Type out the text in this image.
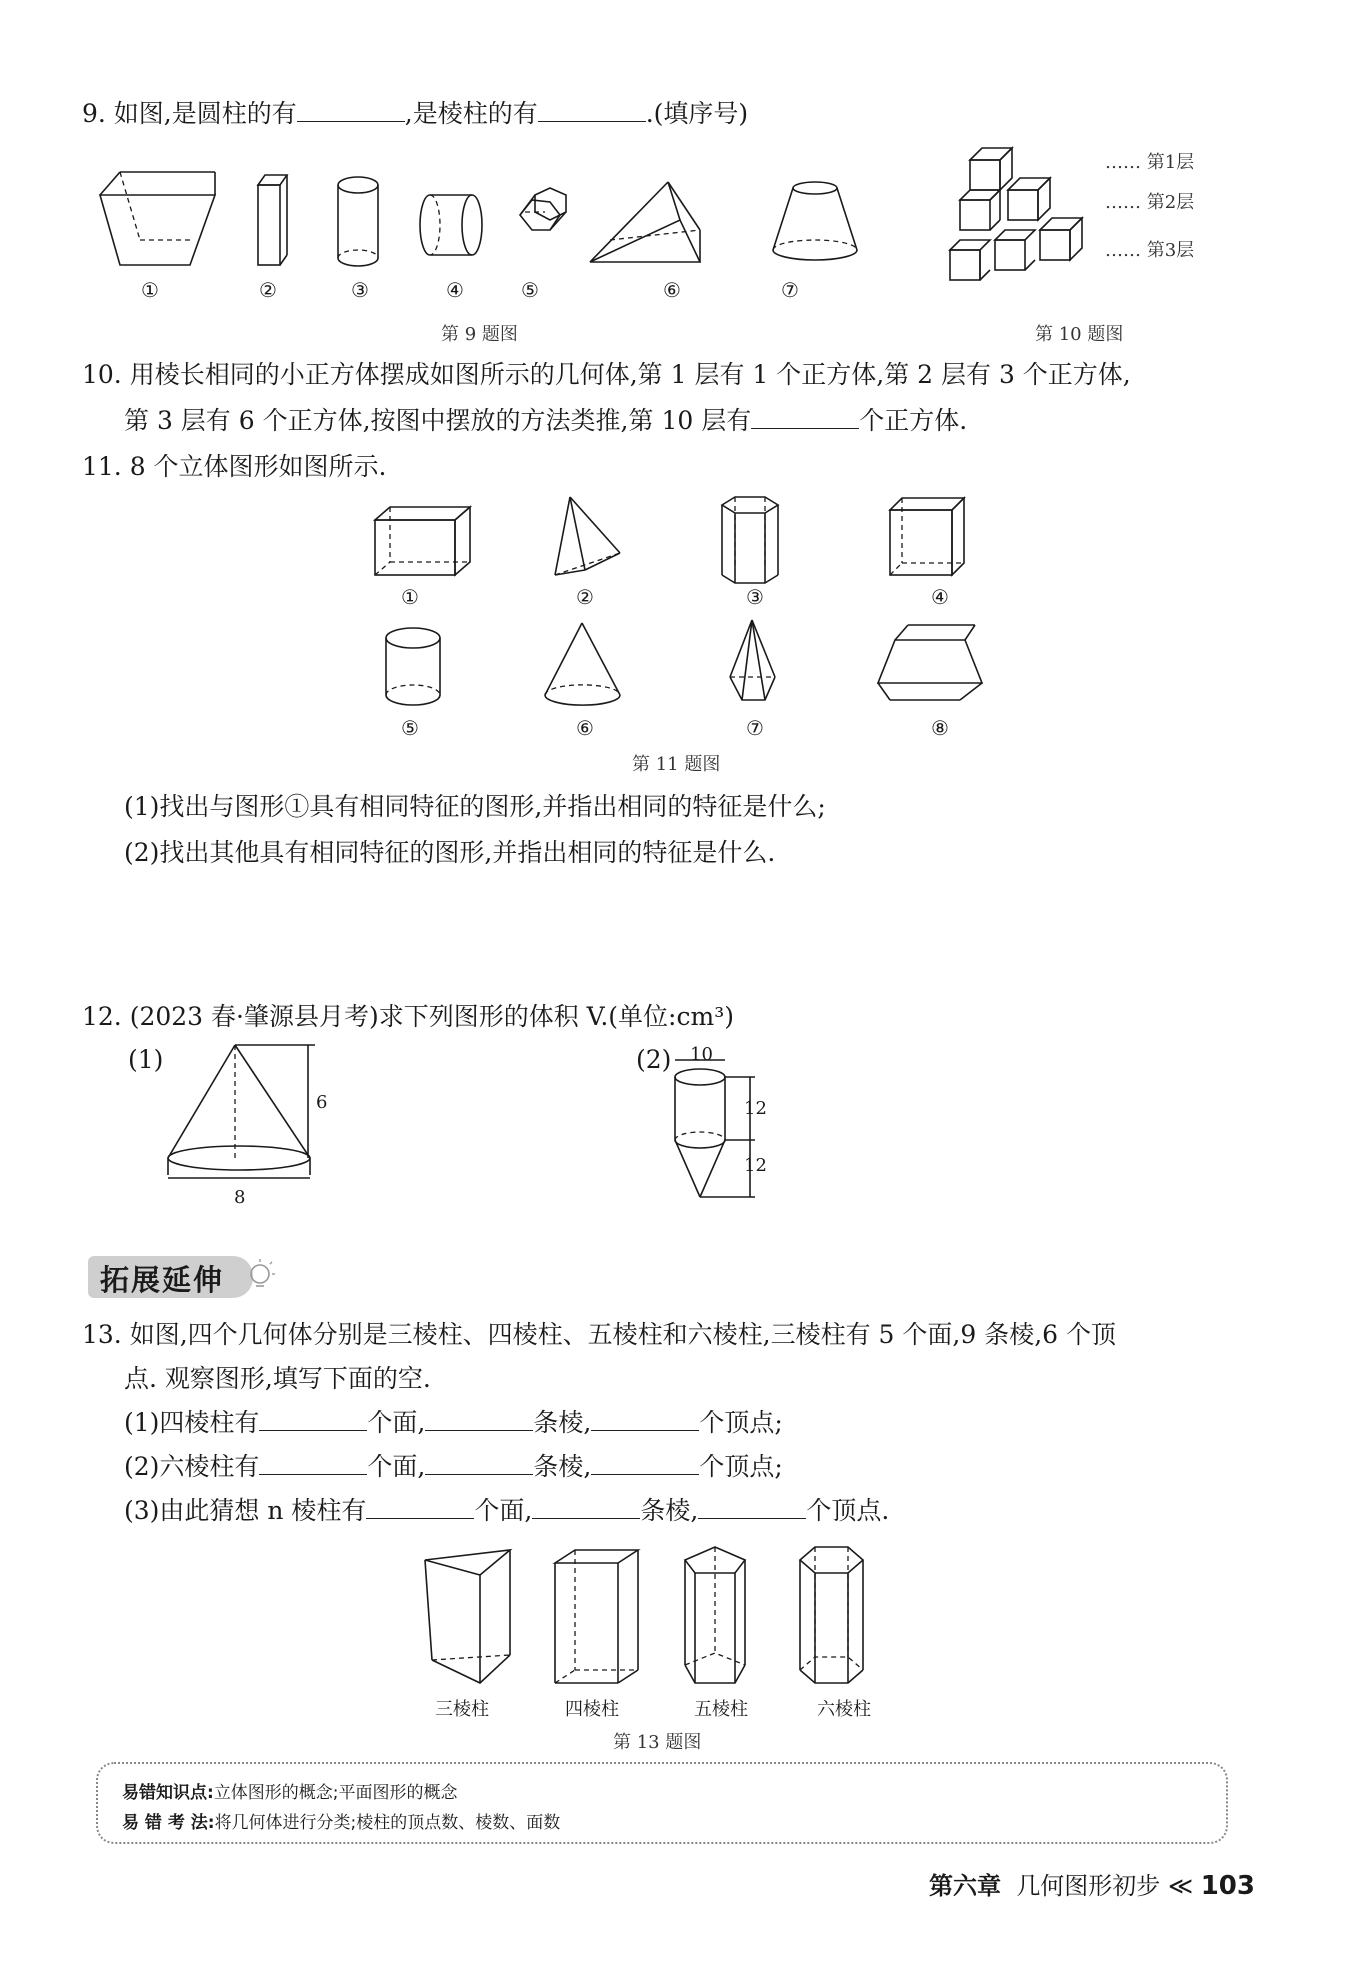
9. 如图,是圆柱的有	,是棱柱的有	.(填序号)
①	②	③	④	⑤	⑥	⑦
第 9 题图
…… 第1层
…… 第2层
…… 第3层
第 10 题图
10. 用棱长相同的小正方体摆成如图所示的几何体,第 1 层有 1 个正方体,第 2 层有 3 个正方体,
第 3 层有 6 个正方体,按图中摆放的方法类推,第 10 层有	个正方体.
11. 8 个立体图形如图所示.
①	②	③	④
⑤	⑥	⑦	⑧
第 11 题图
(1)找出与图形①具有相同特征的图形,并指出相同的特征是什么;
(2)找出其他具有相同特征的图形,并指出相同的特征是什么.
12. (2023 春·肇源县月考)求下列图形的体积 V.(单位:cm³)
(1)
6
8
(2) 10
12
12
拓展延伸
13. 如图,四个几何体分别是三棱柱、四棱柱、五棱柱和六棱柱,三棱柱有 5 个面,9 条棱,6 个顶
点. 观察图形,填写下面的空.
(1)四棱柱有	个面,	条棱,	个顶点;
(2)六棱柱有	个面,	条棱,	个顶点;
(3)由此猜想 n 棱柱有	个面,	条棱,	个顶点.
三棱柱	四棱柱	五棱柱	六棱柱
第 13 题图
易错知识点:立体图形的概念;平面图形的概念
易 错 考 法:将几何体进行分类;棱柱的顶点数、棱数、面数
第六章 几何图形初步 ≪ 103
